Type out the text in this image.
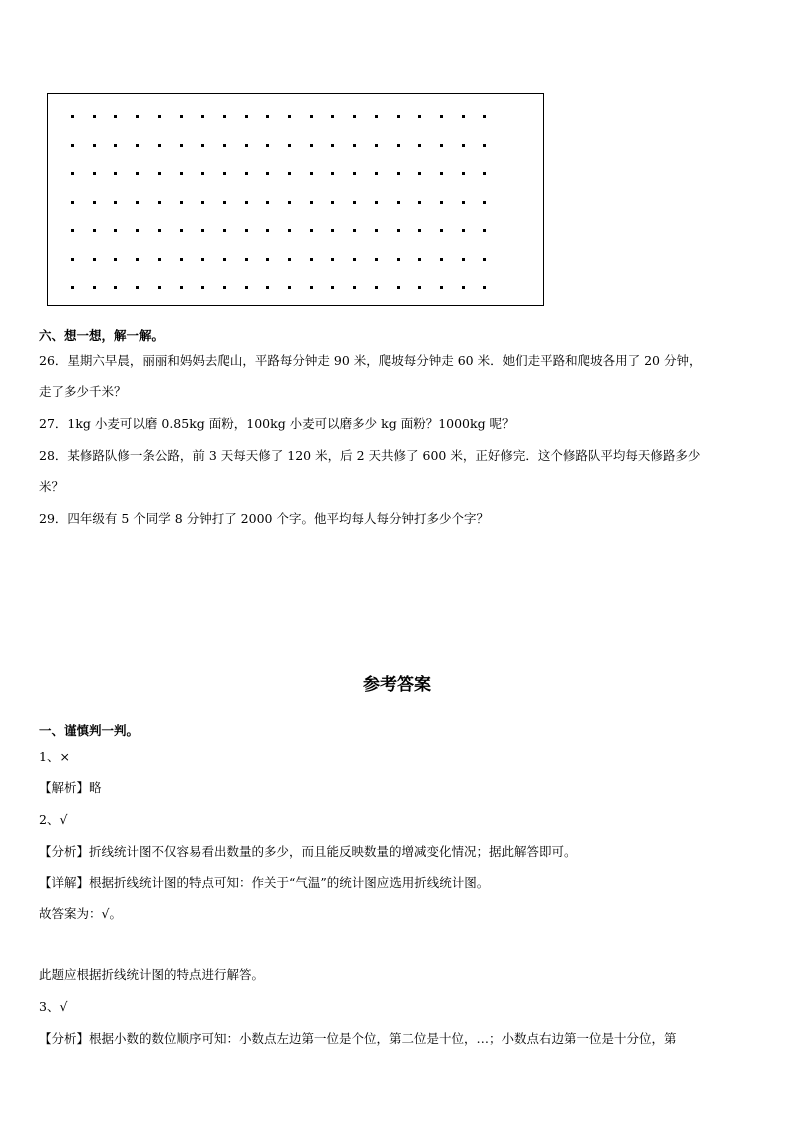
六、想一想，解一解。
26．星期六早晨，丽丽和妈妈去爬山，平路每分钟走 90 米，爬坡每分钟走 60 米．她们走平路和爬坡各用了 20 分钟，
走了多少千米？
27．1kg 小麦可以磨 0.85kg 面粉，100kg 小麦可以磨多少 kg 面粉？1000kg 呢？
28．某修路队修一条公路，前 3 天每天修了 120 米，后 2 天共修了 600 米，正好修完．这个修路队平均每天修路多少
米？
29．四年级有 5 个同学 8 分钟打了 2000 个字。他平均每人每分钟打多少个字？
参考答案
一、谨慎判一判。
1、×
【解析】略
2、√
【分析】折线统计图不仅容易看出数量的多少，而且能反映数量的增减变化情况；据此解答即可。
【详解】根据折线统计图的特点可知：作关于“气温”的统计图应选用折线统计图。
故答案为：√。
此题应根据折线统计图的特点进行解答。
3、√
【分析】根据小数的数位顺序可知：小数点左边第一位是个位，第二位是十位，…；小数点右边第一位是十分位，第
